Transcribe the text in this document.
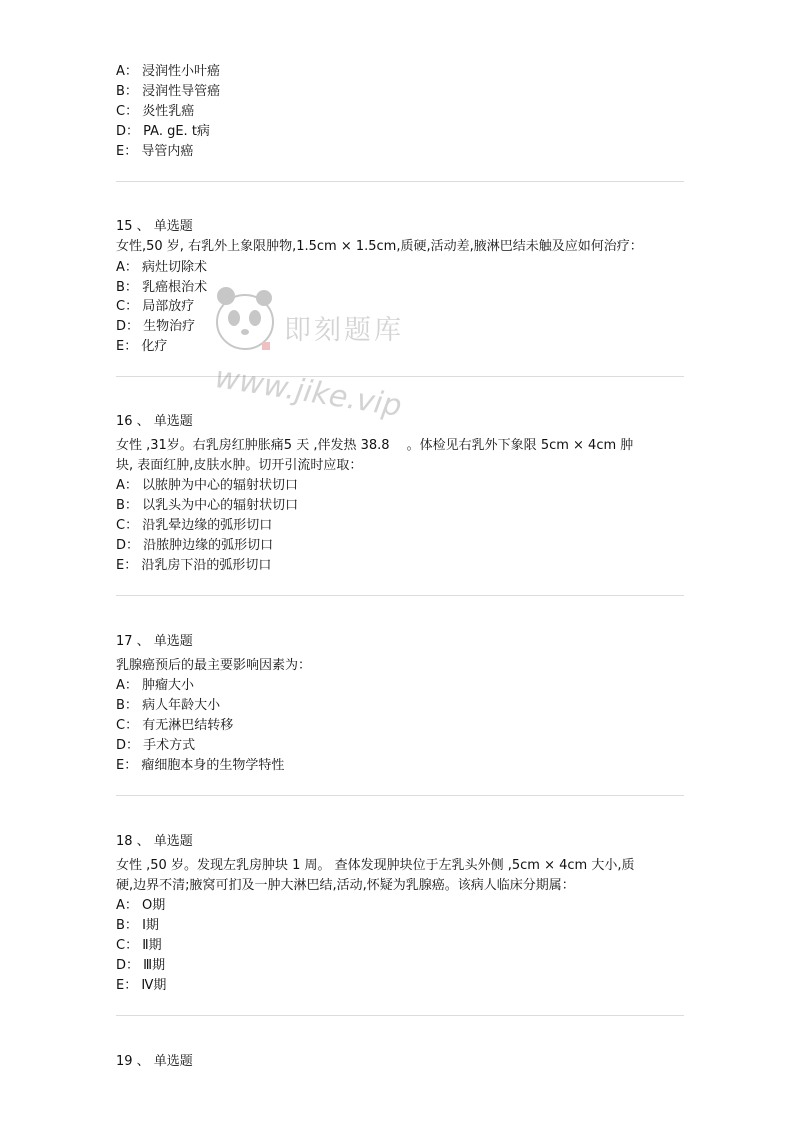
A： 浸润性小叶癌
B： 浸润性导管癌
C： 炎性乳癌
D： PA. gE. t病
E： 导管内癌
15 、 单选题
女性,50 岁, 右乳外上象限肿物,1.5cm × 1.5cm,质硬,活动差,腋淋巴结未触及应如何治疗：
A： 病灶切除术
B： 乳癌根治术
C： 局部放疗
D： 生物治疗
E： 化疗
16 、 单选题
女性 ,31岁。右乳房红肿胀痛5 天 ,伴发热 38.8　 。体检见右乳外下象限 5cm × 4cm 肿
块, 表面红肿,皮肤水肿。切开引流时应取：
A： 以脓肿为中心的辐射状切口
B： 以乳头为中心的辐射状切口
C： 沿乳晕边缘的弧形切口
D： 沿脓肿边缘的弧形切口
E： 沿乳房下沿的弧形切口
17 、 单选题
乳腺癌预后的最主要影响因素为：
A： 肿瘤大小
B： 病人年龄大小
C： 有无淋巴结转移
D： 手术方式
E： 瘤细胞本身的生物学特性
18 、 单选题
女性 ,50 岁。发现左乳房肿块 1 周。 查体发现肿块位于左乳头外侧 ,5cm × 4cm 大小,质
硬,边界不清;腋窝可扪及一肿大淋巴结,活动,怀疑为乳腺癌。该病人临床分期属：
A： O期
B： I期
C： Ⅱ期
D： Ⅲ期
E： Ⅳ期
19 、 单选题
即刻题库
www.jike.vip
